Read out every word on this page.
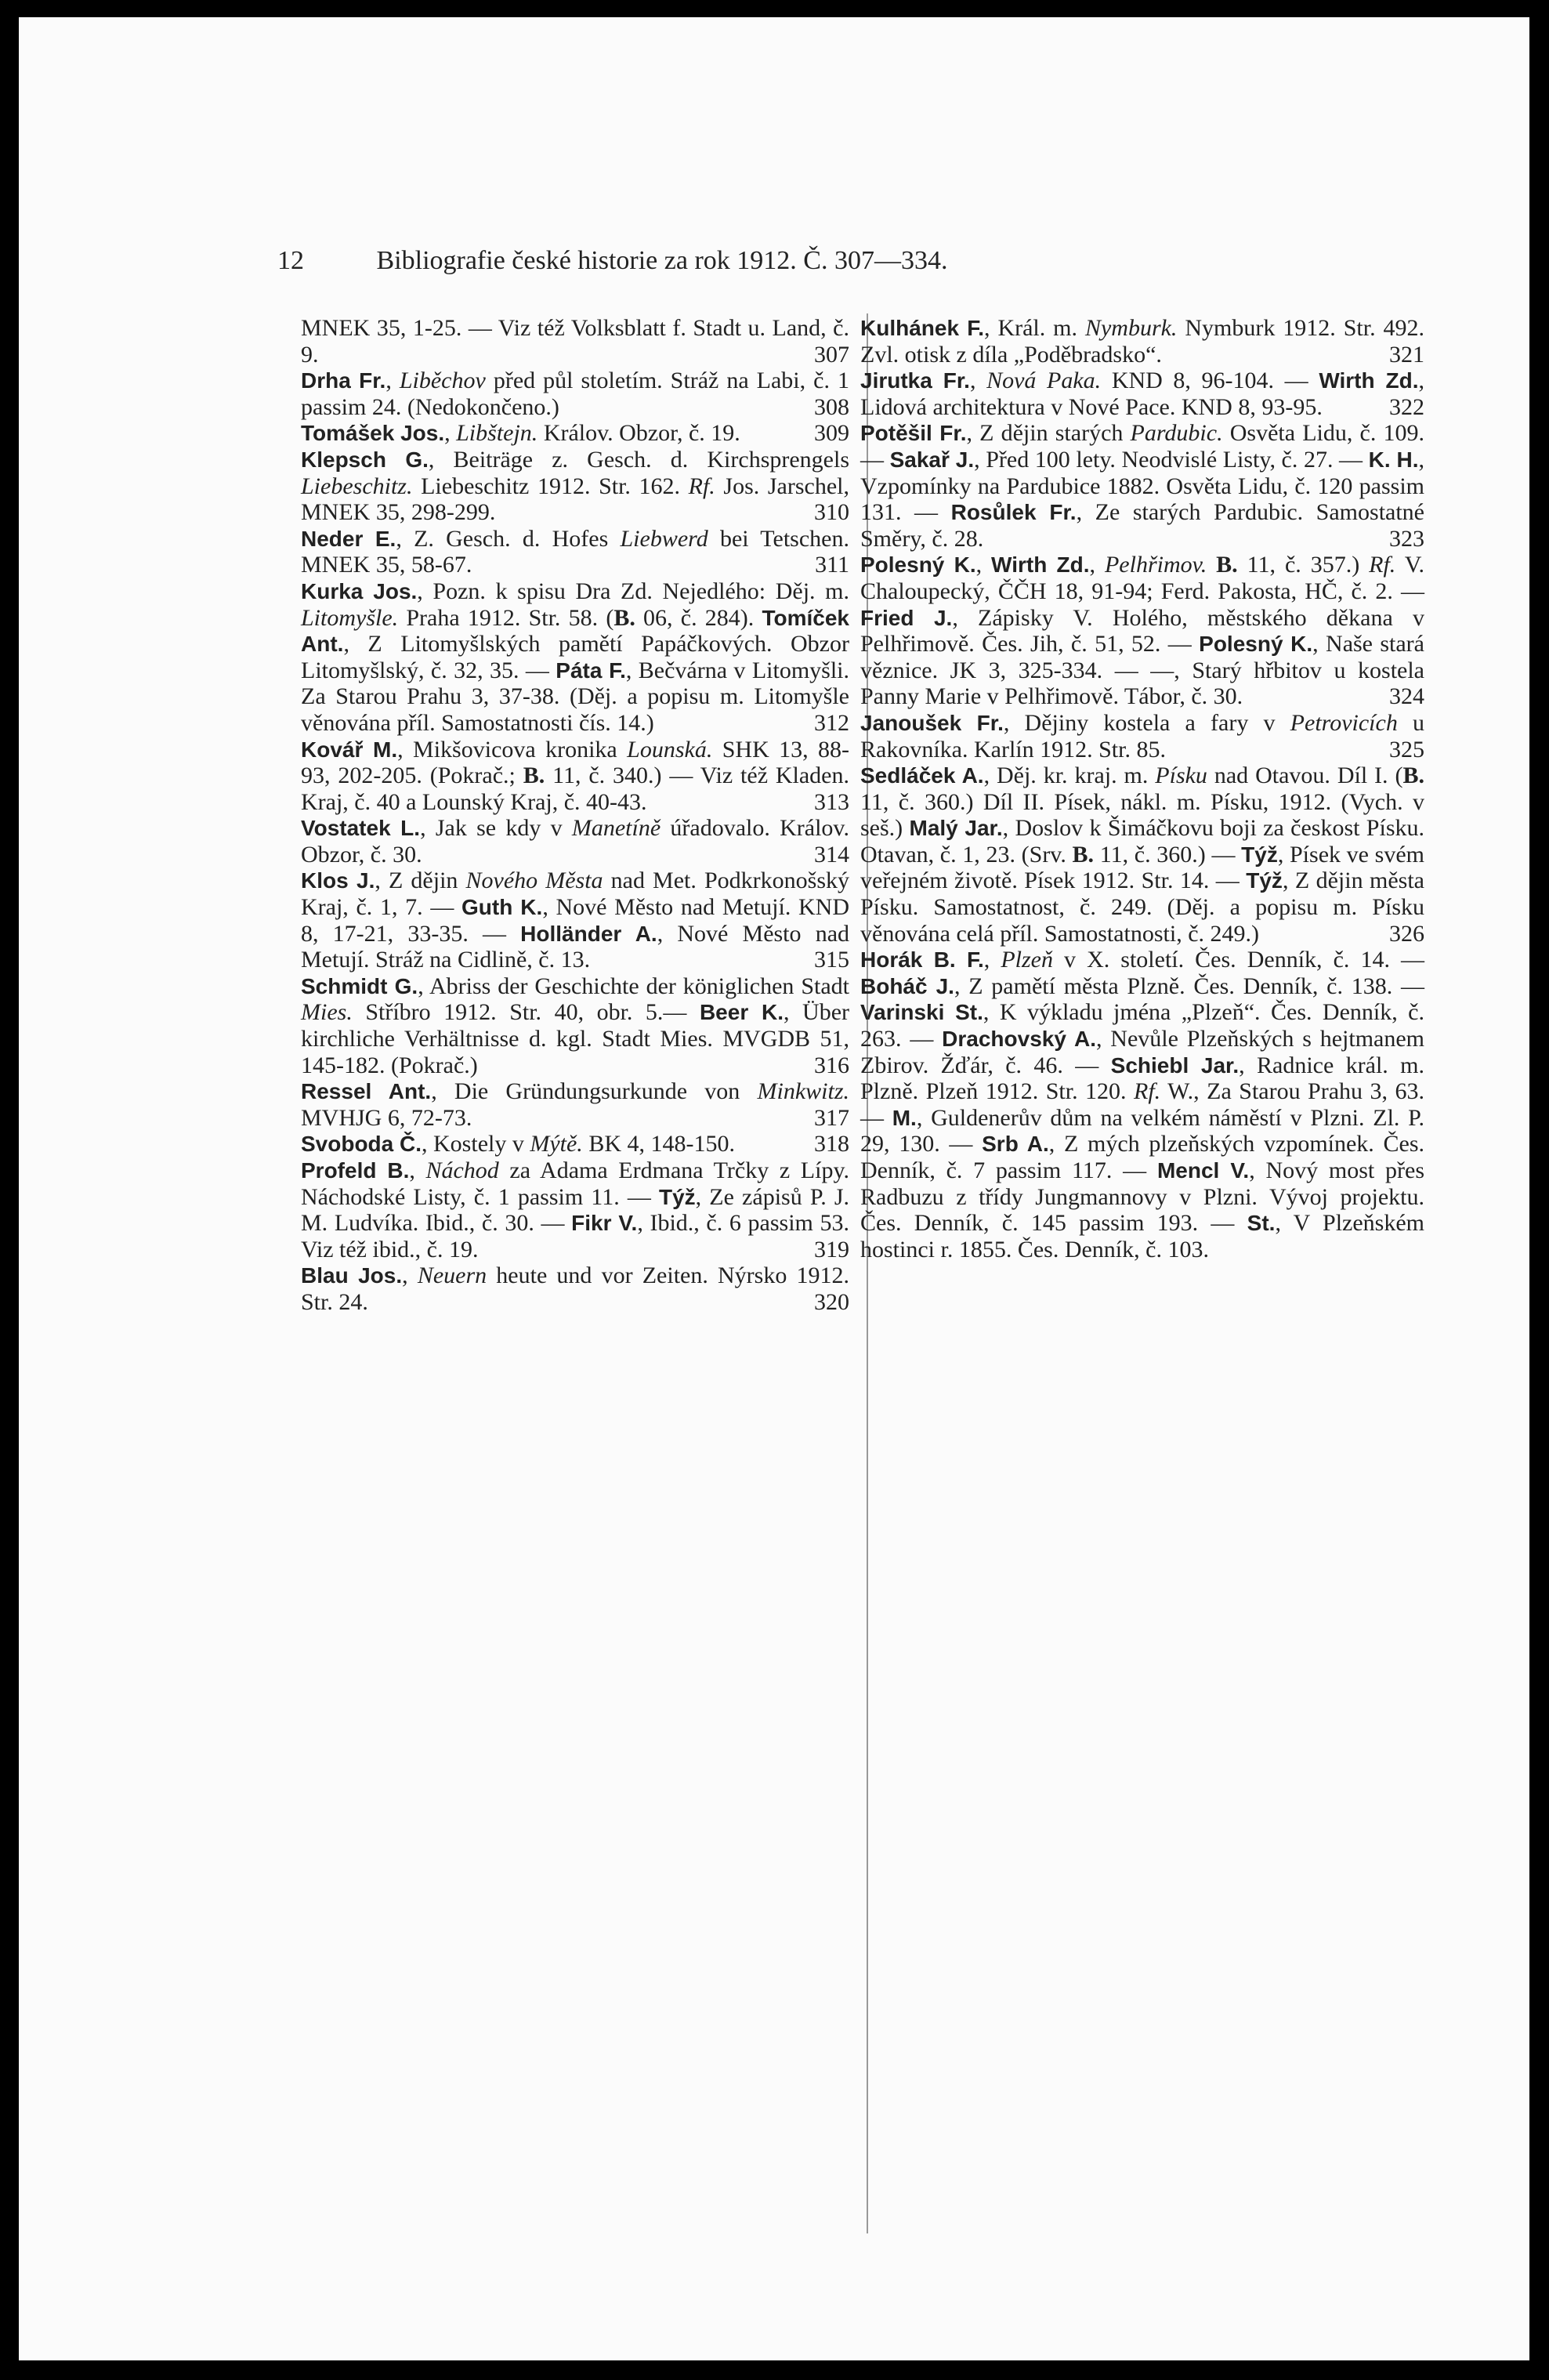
12	Bibliografie české historie za rok 1912. Č. 307—334.

MNEK 35, 1-25. — Viz též Volksblatt f. Stadt u. Land, č. 9.	307

Drha Fr., Liběchov před půl stoletím. Stráž na Labi, č. 1 passim 24. (Nedokončeno.)	308

Tomášek Jos., Libštejn. Králov. Obzor, č. 19.	309

Klepsch G., Beiträge z. Gesch. d. Kirchsprengels Liebeschitz. Liebeschitz 1912. Str. 162. Rf. Jos. Jarschel, MNEK 35, 298-299.	310

Neder E., Z. Gesch. d. Hofes Liebwerd bei Tetschen. MNEK 35, 58-67.	311

Kurka Jos., Pozn. k spisu Dra Zd. Nejedlého: Děj. m. Litomyšle. Praha 1912. Str. 58. (B. 06, č. 284). Tomíček Ant., Z Litomyšlských pamětí Papáčkových. Obzor Litomyšlský, č. 32, 35. — Páta F., Bečvárna v Litomyšli. Za Starou Prahu 3, 37-38. (Děj. a popisu m. Litomyšle věnována příl. Samostatnosti čís. 14.)	312

Kovář M., Mikšovicova kronika Lounská. SHK 13, 88-93, 202-205. (Pokrač.; B. 11, č. 340.) — Viz též Kladen. Kraj, č. 40 a Lounský Kraj, č. 40-43.	313

Vostatek L., Jak se kdy v Manetíně úřadovalo. Králov. Obzor, č. 30.	314

Klos J., Z dějin Nového Města nad Met. Podkrkonošský Kraj, č. 1, 7. — Guth K., Nové Město nad Metují. KND 8, 17-21, 33-35. — Holländer A., Nové Město nad Metují. Stráž na Cidlině, č. 13.	315

Schmidt G., Abriss der Geschichte der königlichen Stadt Mies. Stříbro 1912. Str. 40, obr. 5.— Beer K., Über kirchliche Verhältnisse d. kgl. Stadt Mies. MVGDB 51, 145-182. (Pokrač.)	316

Ressel Ant., Die Gründungsurkunde von Minkwitz. MVHJG 6, 72-73.	317

Svoboda Č., Kostely v Mýtě. BK 4, 148-150.	318

Profeld B., Náchod za Adama Erdmana Trčky z Lípy. Náchodské Listy, č. 1 passim 11. — Týž, Ze zápisů P. J. M. Ludvíka. Ibid., č. 30. — Fikr V., Ibid., č. 6 passim 53. Viz též ibid., č. 19.	319

Blau Jos., Neuern heute und vor Zeiten. Nýrsko 1912. Str. 24.	320

Kulhánek F., Král. m. Nymburk. Nymburk 1912. Str. 492. Zvl. otisk z díla „Poděbradsko“.	321

Jirutka Fr., Nová Paka. KND 8, 96-104. — Wirth Zd., Lidová architektura v Nové Pace. KND 8, 93-95.	322

Potěšil Fr., Z dějin starých Pardubic. Osvěta Lidu, č. 109. — Sakař J., Před 100 lety. Neodvislé Listy, č. 27. — K. H., Vzpomínky na Pardubice 1882. Osvěta Lidu, č. 120 passim 131. — Rosůlek Fr., Ze starých Pardubic. Samostatné Směry, č. 28.	323

Polesný K., Wirth Zd., Pelhřimov. B. 11, č. 357.) Rf. V. Chaloupecký, ČČH 18, 91-94; Ferd. Pakosta, HČ, č. 2. — Fried J., Zápisky V. Holého, městského děkana v Pelhřimově. Čes. Jih, č. 51, 52. — Polesný K., Naše stará věznice. JK 3, 325-334. — —, Starý hřbitov u kostela Panny Marie v Pelhřimově. Tábor, č. 30.	324

Janoušek Fr., Dějiny kostela a fary v Petrovicích u Rakovníka. Karlín 1912. Str. 85.	325

Sedláček A., Děj. kr. kraj. m. Písku nad Otavou. Díl I. (B. 11, č. 360.) Díl II. Písek, nákl. m. Písku, 1912. (Vych. v seš.) Malý Jar., Doslov k Šimáčkovu boji za českost Písku. Otavan, č. 1, 23. (Srv. B. 11, č. 360.) — Týž, Písek ve svém veřejném životě. Písek 1912. Str. 14. — Týž, Z dějin města Písku. Samostatnost, č. 249. (Děj. a popisu m. Písku věnována celá příl. Samostatnosti, č. 249.)	326

Horák B. F., Plzeň v X. století. Čes. Denník, č. 14. — Boháč J., Z pamětí města Plzně. Čes. Denník, č. 138. — Varinski St., K výkladu jména „Plzeň“. Čes. Denník, č. 263. — Drachovský A., Nevůle Plzeňských s hejtmanem Zbirov. Žďár, č. 46. — Schiebl Jar., Radnice král. m. Plzně. Plzeň 1912. Str. 120. Rf. W., Za Starou Prahu 3, 63. — M., Guldenerův dům na velkém náměstí v Plzni. Zl. P. 29, 130. — Srb A., Z mých plzeňských vzpomínek. Čes. Denník, č. 7 passim 117. — Mencl V., Nový most přes Radbuzu z třídy Jungmannovy v Plzni. Vývoj projektu. Čes. Denník, č. 145 passim 193. — St., V Plzeňském hostinci r. 1855. Čes. Denník, č. 103.
